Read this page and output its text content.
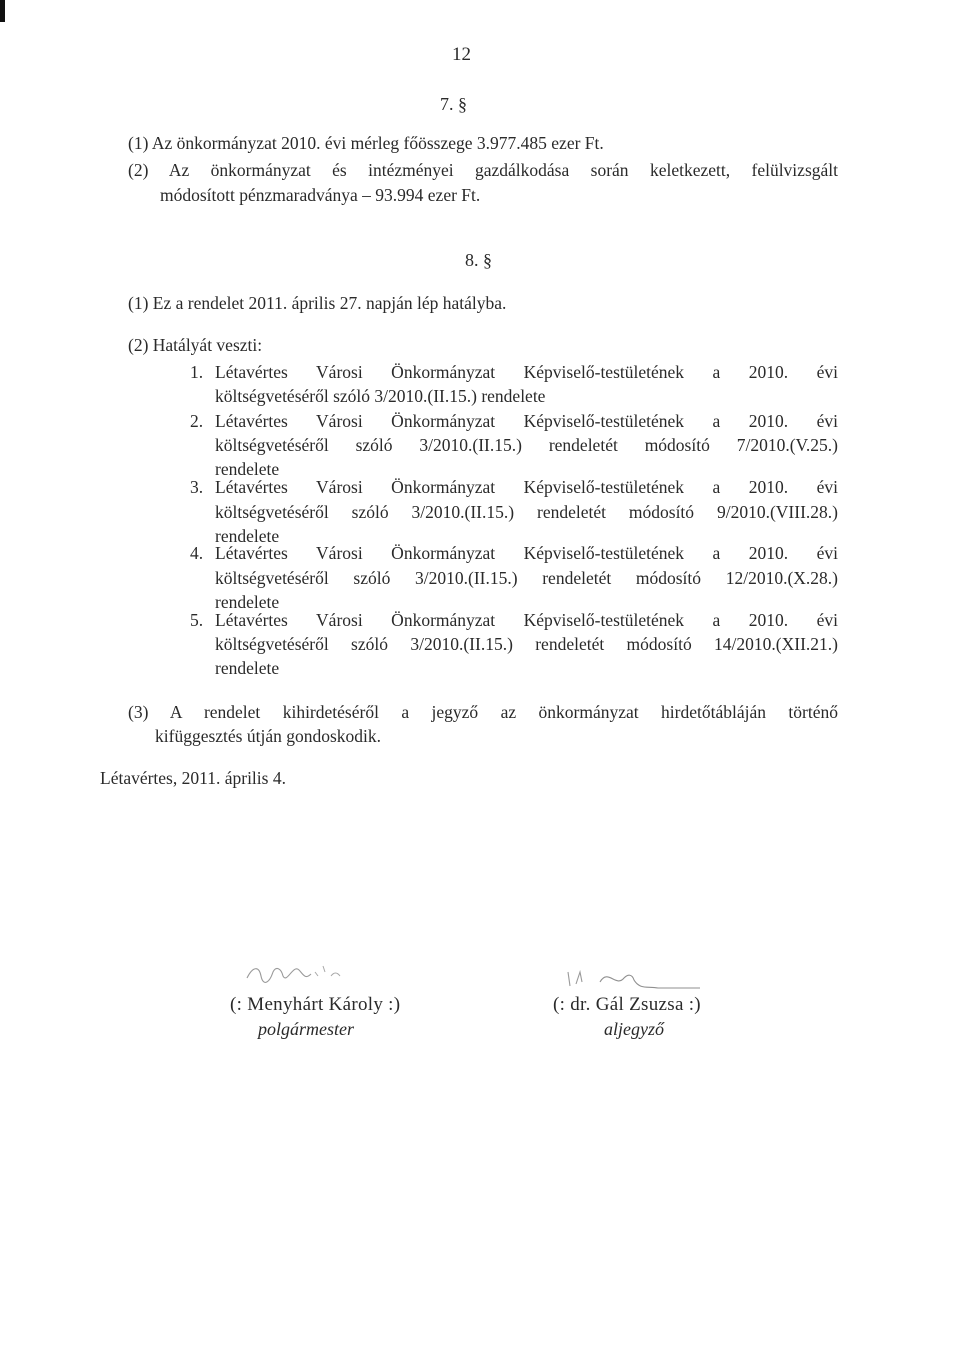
12
7. §
(1) Az önkormányzat 2010. évi mérleg főösszege 3.977.485 ezer Ft.
(2) Az önkormányzat és intézményei gazdálkodása során keletkezett, felülvizsgált
módosított pénzmaradványa – 93.994 ezer Ft.
8. §
(1) Ez a rendelet 2011. április 27. napján lép hatályba.
(2) Hatályát veszti:
1. Létavértes Városi Önkormányzat Képviselő-testületének a 2010. évi
költségvetéséről szóló 3/2010.(II.15.) rendelete
2. Létavértes Városi Önkormányzat Képviselő-testületének a 2010. évi
költségvetéséről szóló 3/2010.(II.15.) rendeletét módosító 7/2010.(V.25.)
rendelete
3. Létavértes Városi Önkormányzat Képviselő-testületének a 2010. évi
költségvetéséről szóló 3/2010.(II.15.) rendeletét módosító 9/2010.(VIII.28.)
rendelete
4. Létavértes Városi Önkormányzat Képviselő-testületének a 2010. évi
költségvetéséről szóló 3/2010.(II.15.) rendeletét módosító 12/2010.(X.28.)
rendelete
5. Létavértes Városi Önkormányzat Képviselő-testületének a 2010. évi
költségvetéséről szóló 3/2010.(II.15.) rendeletét módosító 14/2010.(XII.21.)
rendelete
(3) A rendelet kihirdetéséről a jegyző az önkormányzat hirdetőtábláján történő
kifüggesztés útján gondoskodik.
Létavértes, 2011. április 4.
(: Menyhárt Károly :)
polgármester
(: dr. Gál Zsuzsa :)
aljegyző
